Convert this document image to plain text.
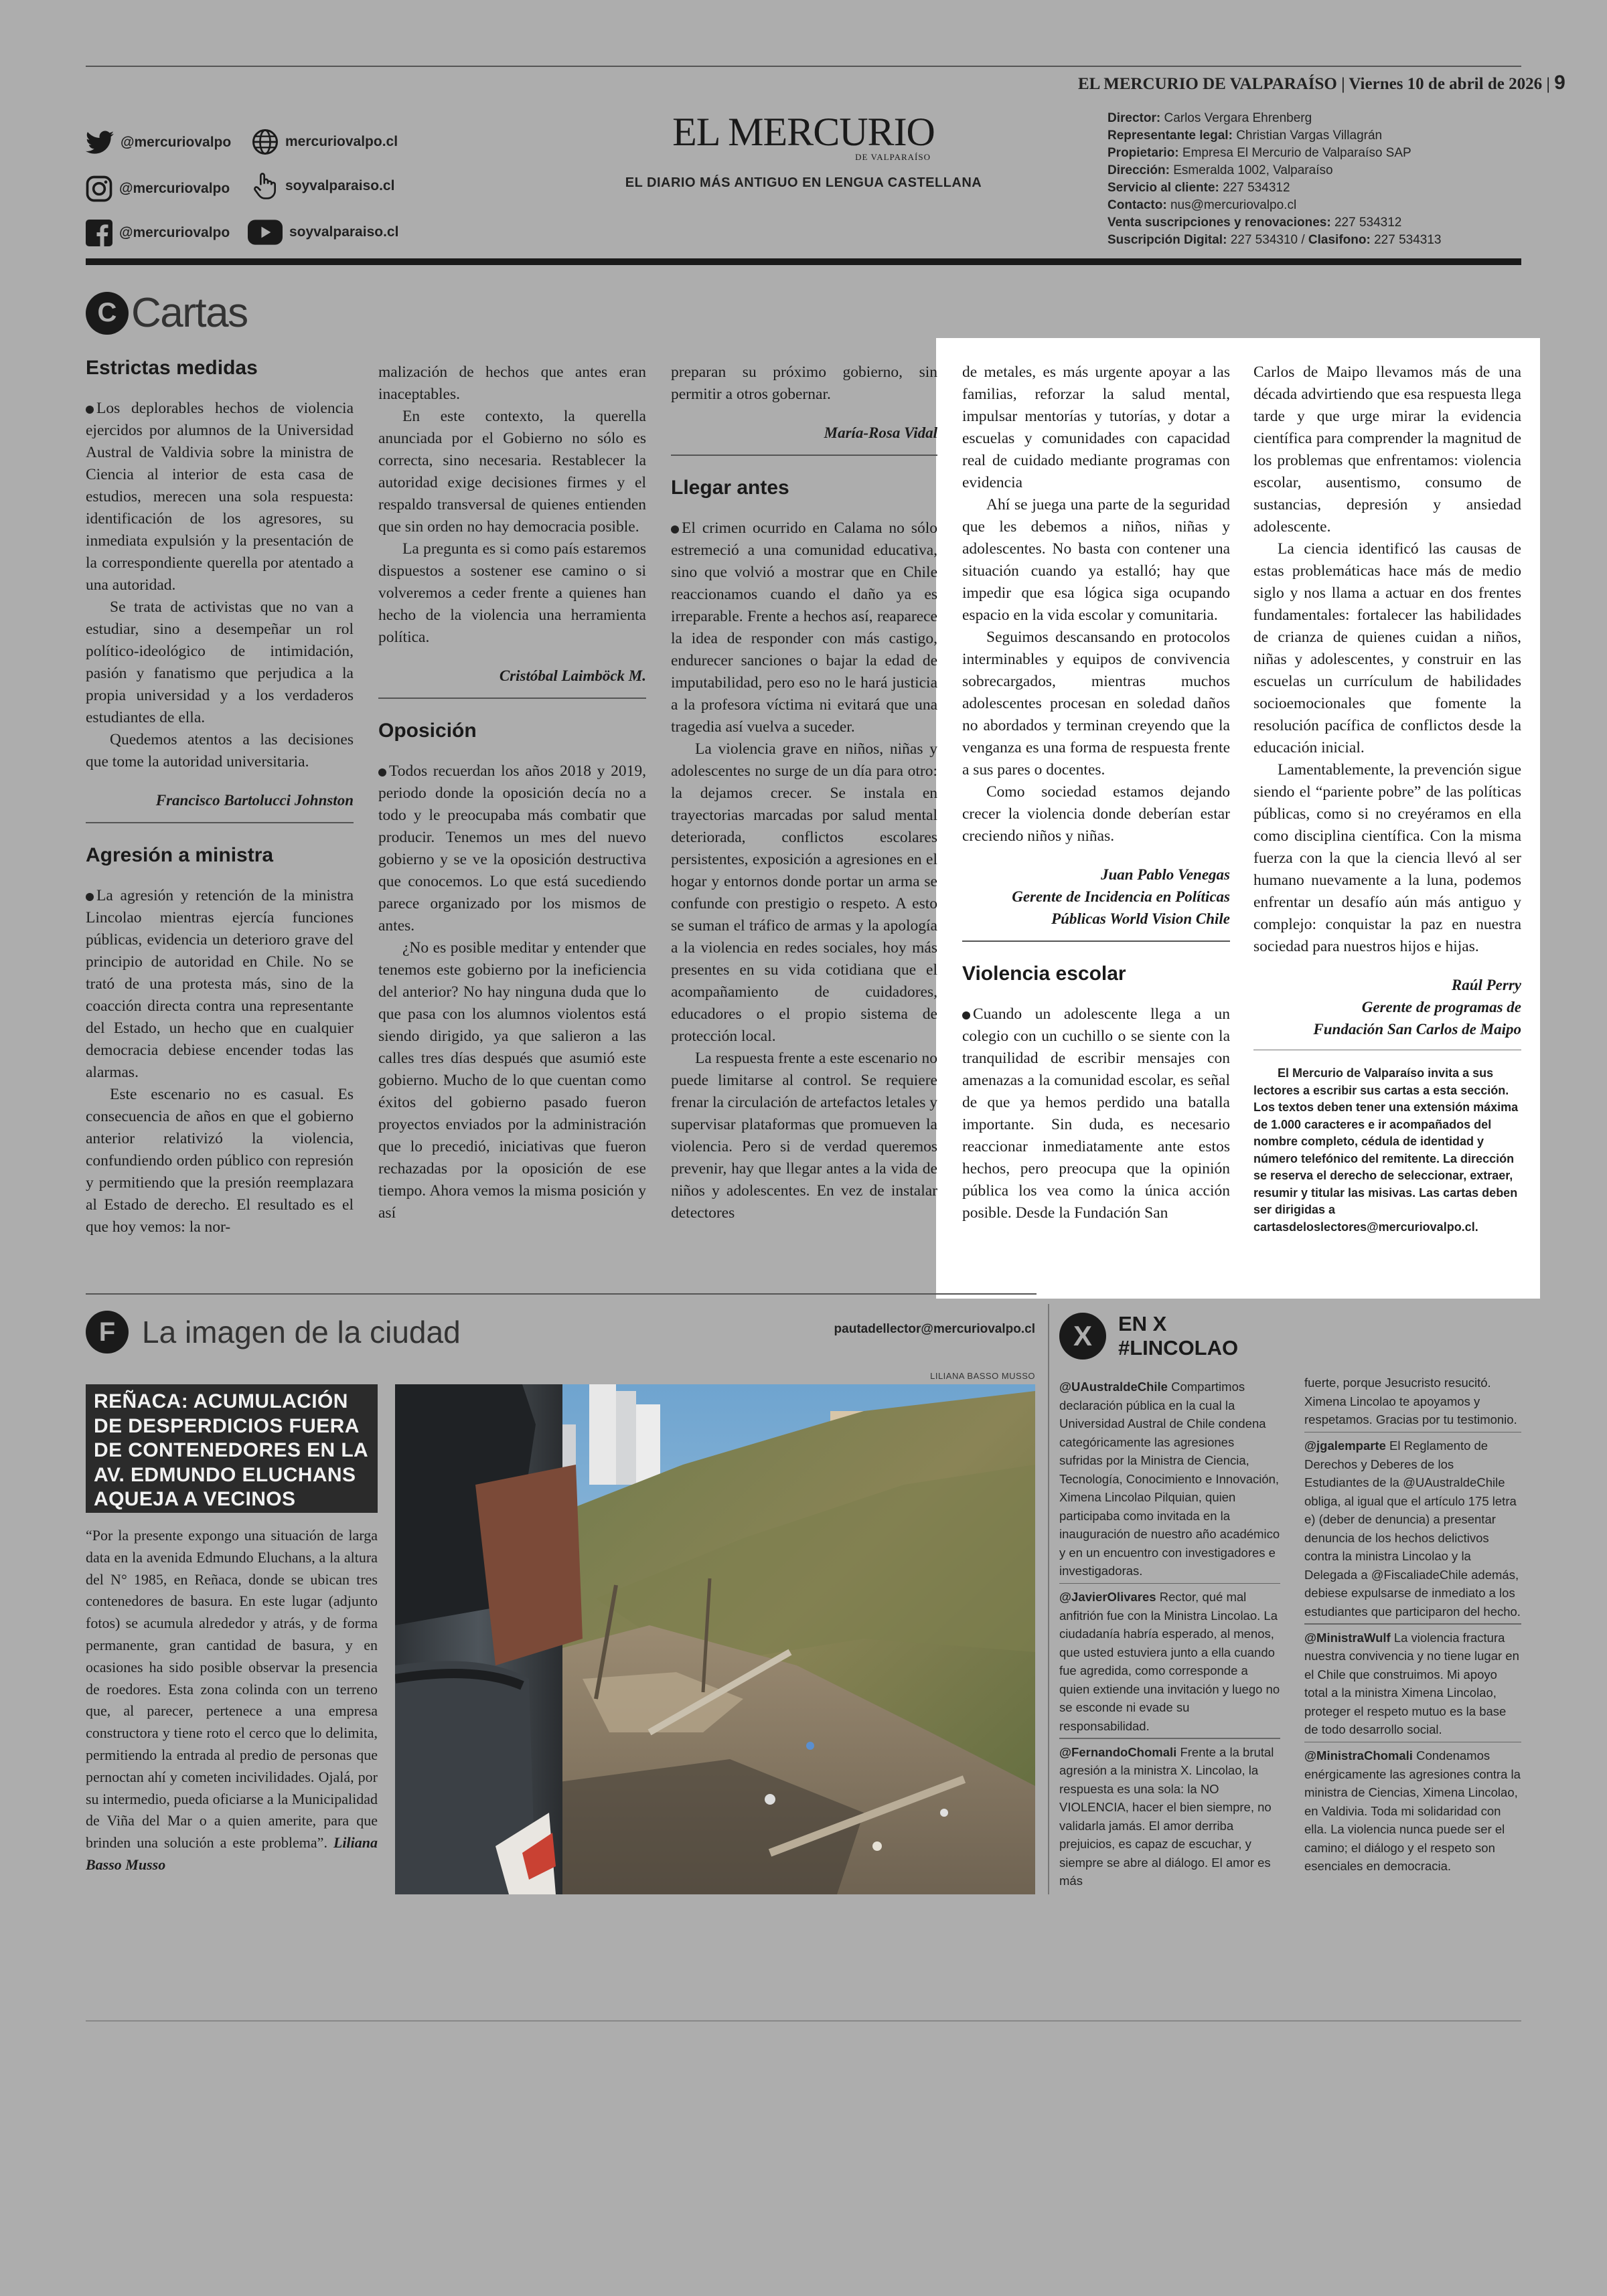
EL MERCURIO DE VALPARAÍSO | Viernes 10 de abril de 2026 | 9
@mercuriovalpo	mercuriovalpo.cl
@mercuriovalpo	soyvalparaiso.cl
@mercuriovalpo	soyvalparaiso.cl
EL MERCURIO
DE VALPARAÍSO
EL DIARIO MÁS ANTIGUO EN LENGUA CASTELLANA
Director: Carlos Vergara Ehrenberg
Representante legal: Christian Vargas Villagrán
Propietario: Empresa El Mercurio de Valparaíso SAP
Dirección: Esmeralda 1002, Valparaíso
Servicio al cliente: 227 534312
Contacto: nus@mercuriovalpo.cl
Venta suscripciones y renovaciones: 227 534312
Suscripción Digital: 227 534310 / Clasifono: 227 534313
C Cartas
Estrictas medidas

Los deplorables hechos de violencia ejercidos por alumnos de la Universidad Austral de Valdivia sobre la ministra de Ciencia al interior de esta casa de estudios, merecen una sola respuesta: identificación de los agresores, su inmediata expulsión y la presentación de la correspondiente querella por atentado a una autoridad.

Se trata de activistas que no van a estudiar, sino a desempeñar un rol político-ideológico de intimidación, pasión y fanatismo que perjudica a la propia universidad y a los verdaderos estudiantes de ella.

Quedemos atentos a las decisiones que tome la autoridad universitaria.

Francisco Bartolucci Johnston

Agresión a ministra

La agresión y retención de la ministra Lincolao mientras ejercía funciones públicas, evidencia un deterioro grave del principio de autoridad en Chile. No se trató de una protesta más, sino de la coacción directa contra una representante del Estado, un hecho que en cualquier democracia debiese encender todas las alarmas.

Este escenario no es casual. Es consecuencia de años en que el gobierno anterior relativizó la violencia, confundiendo orden público con represión y permitiendo que la presión reemplazara al Estado de derecho. El resultado es el que hoy vemos: la nor-

malización de hechos que antes eran inaceptables.

En este contexto, la querella anunciada por el Gobierno no sólo es correcta, sino necesaria. Restablecer la autoridad exige decisiones firmes y el respaldo transversal de quienes entienden que sin orden no hay democracia posible.

La pregunta es si como país estaremos dispuestos a sostener ese camino o si volveremos a ceder frente a quienes han hecho de la violencia una herramienta política.

Cristóbal Laimböck M.

Oposición

Todos recuerdan los años 2018 y 2019, periodo donde la oposición decía no a todo y le preocupaba más combatir que producir. Tenemos un mes del nuevo gobierno y se ve la oposición destructiva que conocemos. Lo que está sucediendo parece organizado por los mismos de antes.

¿No es posible meditar y entender que tenemos este gobierno por la ineficiencia del anterior? No hay ninguna duda que lo que pasa con los alumnos violentos está siendo dirigido, ya que salieron a las calles tres días después que asumió este gobierno. Mucho de lo que cuentan como éxitos del gobierno pasado fueron proyectos enviados por la administración que lo precedió, iniciativas que fueron rechazadas por la oposición de ese tiempo. Ahora vemos la misma posición y así

preparan su próximo gobierno, sin permitir a otros gobernar.

María-Rosa Vidal

Llegar antes

El crimen ocurrido en Calama no sólo estremeció a una comunidad educativa, sino que volvió a mostrar que en Chile reaccionamos cuando el daño ya es irreparable. Frente a hechos así, reaparece la idea de responder con más castigo, endurecer sanciones o bajar la edad de imputabilidad, pero eso no le hará justicia a la profesora víctima ni evitará que una tragedia así vuelva a suceder.

La violencia grave en niños, niñas y adolescentes no surge de un día para otro: la dejamos crecer. Se instala en trayectorias marcadas por salud mental deteriorada, conflictos escolares persistentes, exposición a agresiones en el hogar y entornos donde portar un arma se confunde con prestigio o respeto. A esto se suman el tráfico de armas y la apología a la violencia en redes sociales, hoy más presentes en su vida cotidiana que el acompañamiento de cuidadores, educadores o el propio sistema de protección local.

La respuesta frente a este escenario no puede limitarse al control. Se requiere frenar la circulación de artefactos letales y supervisar plataformas que promueven la violencia. Pero si de verdad queremos prevenir, hay que llegar antes a la vida de niños y adolescentes. En vez de instalar detectores

de metales, es más urgente apoyar a las familias, reforzar la salud mental, impulsar mentorías y tutorías, y dotar a escuelas y comunidades con capacidad real de cuidado mediante programas con evidencia

Ahí se juega una parte de la seguridad que les debemos a niños, niñas y adolescentes. No basta con contener una situación cuando ya estalló; hay que impedir que esa lógica siga ocupando espacio en la vida escolar y comunitaria.

Seguimos descansando en protocolos interminables y equipos de convivencia sobrecargados, mientras muchos adolescentes procesan en soledad daños no abordados y terminan creyendo que la venganza es una forma de respuesta frente a sus pares o docentes.

Como sociedad estamos dejando crecer la violencia donde deberían estar creciendo niños y niñas.

Juan Pablo Venegas
Gerente de Incidencia en Políticas
Públicas World Vision Chile

Violencia escolar

Cuando un adolescente llega a un colegio con un cuchillo o se siente con la tranquilidad de escribir mensajes con amenazas a la comunidad escolar, es señal de que ya hemos perdido una batalla importante. Sin duda, es necesario reaccionar inmediatamente ante estos hechos, pero preocupa que la opinión pública los vea como la única acción posible. Desde la Fundación San

Carlos de Maipo llevamos más de una década advirtiendo que esa respuesta llega tarde y que urge mirar la evidencia científica para comprender la magnitud de los problemas que enfrentamos: violencia escolar, ausentismo, consumo de sustancias, depresión y ansiedad adolescente.

La ciencia identificó las causas de estas problemáticas hace más de medio siglo y nos llama a actuar en dos frentes fundamentales: fortalecer las habilidades de crianza de quienes cuidan a niños, niñas y adolescentes, y construir en las escuelas un currículum de habilidades socioemocionales que fomente la resolución pacífica de conflictos desde la educación inicial.

Lamentablemente, la prevención sigue siendo el “pariente pobre” de las políticas públicas, como si no creyéramos en ella como disciplina científica. Con la misma fuerza con la que la ciencia llevó al ser humano nuevamente a la luna, podemos enfrentar un desafío aún más antiguo y complejo: conquistar la paz en nuestra sociedad para nuestros hijos e hijas.

Raúl Perry
Gerente de programas de
Fundación San Carlos de Maipo

El Mercurio de Valparaíso invita a sus lectores a escribir sus cartas a esta sección. Los textos deben tener una extensión máxima de 1.000 caracteres e ir acompañados del nombre completo, cédula de identidad y número telefónico del remitente. La dirección se reserva el derecho de seleccionar, extraer, resumir y titular las misivas. Las cartas deben ser dirigidas a cartasdeloslectores@mercuriovalpo.cl.

F La imagen de la ciudad	pautadellector@mercuriovalpo.cl
REÑACA: ACUMULACIÓN DE DESPERDICIOS FUERA DE CONTENEDORES EN LA AV. EDMUNDO ELUCHANS AQUEJA A VECINOS
“Por la presente expongo una situación de larga data en la avenida Edmundo Eluchans, a la altura del N° 1985, en Reñaca, donde se ubican tres contenedores de basura. En este lugar (adjunto fotos) se acumula alrededor y atrás, y de forma permanente, gran cantidad de basura, y en ocasiones ha sido posible observar la presencia de roedores. Esta zona colinda con un terreno que, al parecer, pertenece a una empresa constructora y tiene roto el cerco que lo delimita, permitiendo la entrada al predio de personas que pernoctan ahí y cometen incivilidades. Ojalá, por su intermedio, pueda oficiarse a la Municipalidad de Viña del Mar o a quien amerite, para que brinden una solución a este problema”. Liliana Basso Musso
LILIANA BASSO MUSSO
X EN X
#LINCOLAO

@UAustraldeChile Compartimos declaración pública en la cual la Universidad Austral de Chile condena categóricamente las agresiones sufridas por la Ministra de Ciencia, Tecnología, Conocimiento e Innovación, Ximena Lincolao Pilquian, quien participaba como invitada en la inauguración de nuestro año académico y en un encuentro con investigadores e investigadoras.

@JavierOlivares Rector, qué mal anfitrión fue con la Ministra Lincolao. La ciudadanía habría esperado, al menos, que usted estuviera junto a ella cuando fue agredida, como corresponde a quien extiende una invitación y luego no se esconde ni evade su responsabilidad.

@FernandoChomali Frente a la brutal agresión a la ministra X. Lincolao, la respuesta es una sola: la NO VIOLENCIA, hacer el bien siempre, no validarla jamás. El amor derriba prejuicios, es capaz de escuchar, y siempre se abre al diálogo. El amor es más

fuerte, porque Jesucristo resucitó. Ximena Lincolao te apoyamos y respetamos. Gracias por tu testimonio.

@jgalemparte El Reglamento de Derechos y Deberes de los Estudiantes de la @UAustraldeChile obliga, al igual que el artículo 175 letra e) (deber de denuncia) a presentar denuncia de los hechos delictivos contra la ministra Lincolao y la Delegada a @FiscaliadeChile además, debiese expulsarse de inmediato a los estudiantes que participaron del hecho.

@MinistraWulf La violencia fractura nuestra convivencia y no tiene lugar en el Chile que construimos. Mi apoyo total a la ministra Ximena Lincolao, proteger el respeto mutuo es la base de todo desarrollo social.

@MinistraChomali Condenamos enérgicamente las agresiones contra la ministra de Ciencias, Ximena Lincolao, en Valdivia. Toda mi solidaridad con ella. La violencia nunca puede ser el camino; el diálogo y el respeto son esenciales en democracia.
